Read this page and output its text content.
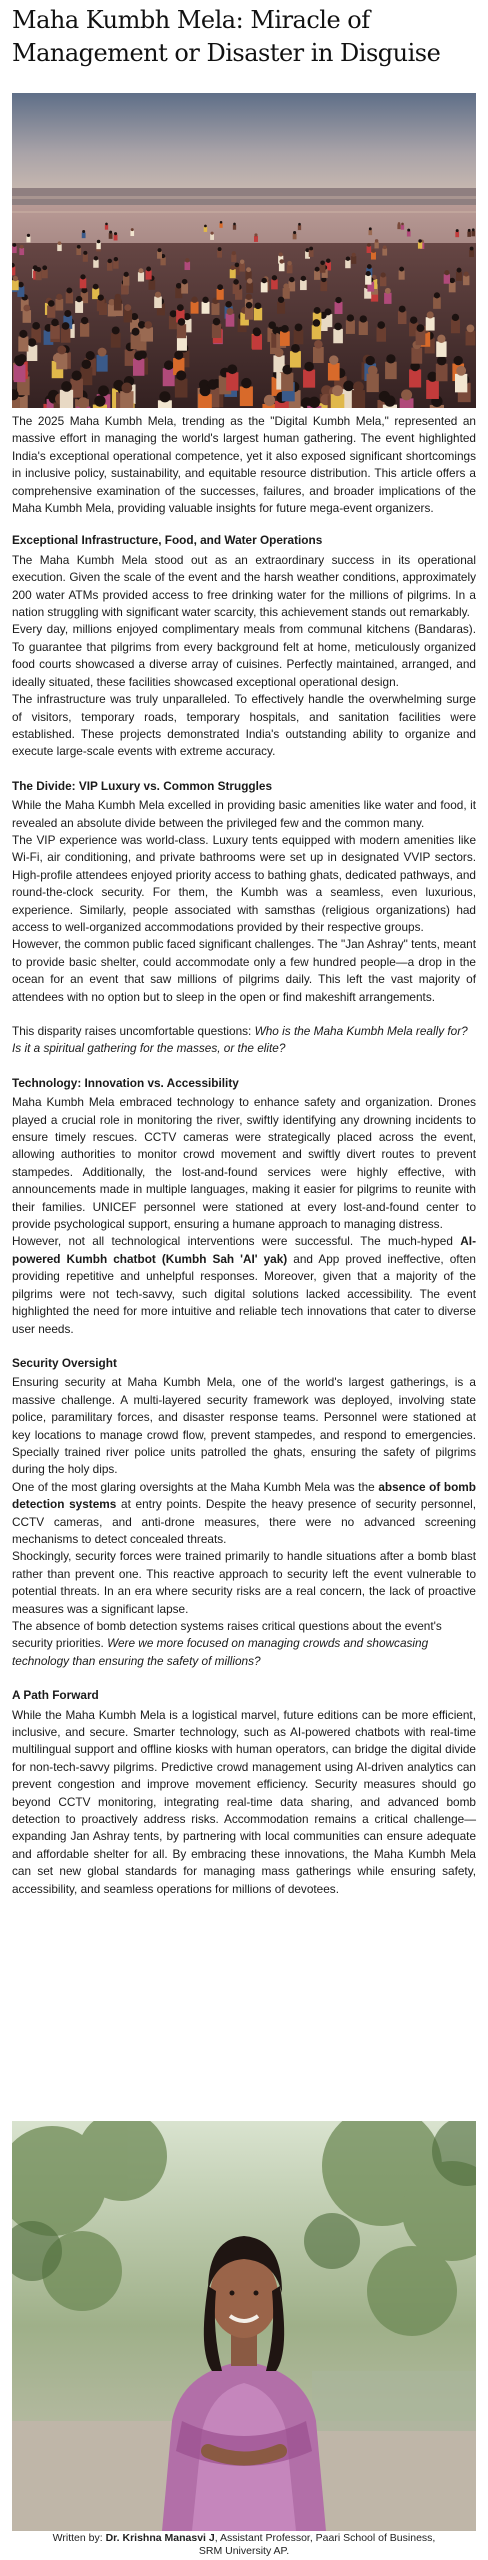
Maha Kumbh Mela: Miracle of Management or Disaster in Disguise

The 2025 Maha Kumbh Mela, trending as the "Digital Kumbh Mela," represented an massive effort in managing the world's largest human gathering. The event highlighted India's exceptional operational competence, yet it also exposed significant shortcomings in inclusive policy, sustainability, and equitable resource distribution. This article offers a comprehensive examination of the successes, failures, and broader implications of the Maha Kumbh Mela, providing valuable insights for future mega-event organizers.

Exceptional Infrastructure, Food, and Water Operations

The Maha Kumbh Mela stood out as an extraordinary success in its operational execution. Given the scale of the event and the harsh weather conditions, approximately 200 water ATMs provided access to free drinking water for the millions of pilgrims. In a nation struggling with significant water scarcity, this achievement stands out remarkably.

Every day, millions enjoyed complimentary meals from communal kitchens (Bandaras). To guarantee that pilgrims from every background felt at home, meticulously organized food courts showcased a diverse array of cuisines. Perfectly maintained, arranged, and ideally situated, these facilities showcased exceptional operational design.

The infrastructure was truly unparalleled. To effectively handle the overwhelming surge of visitors, temporary roads, temporary hospitals, and sanitation facilities were established. These projects demonstrated India's outstanding ability to organize and execute large-scale events with extreme accuracy.

The Divide: VIP Luxury vs. Common Struggles

While the Maha Kumbh Mela excelled in providing basic amenities like water and food, it revealed an absolute divide between the privileged few and the common many.

The VIP experience was world-class. Luxury tents equipped with modern amenities like Wi-Fi, air conditioning, and private bathrooms were set up in designated VVIP sectors. High-profile attendees enjoyed priority access to bathing ghats, dedicated pathways, and round-the-clock security. For them, the Kumbh was a seamless, even luxurious, experience. Similarly, people associated with samsthas (religious organizations) had access to well-organized accommodations provided by their respective groups.

However, the common public faced significant challenges. The "Jan Ashray" tents, meant to provide basic shelter, could accommodate only a few hundred people—a drop in the ocean for an event that saw millions of pilgrims daily. This left the vast majority of attendees with no option but to sleep in the open or find makeshift arrangements.

This disparity raises uncomfortable questions: Who is the Maha Kumbh Mela really for? Is it a spiritual gathering for the masses, or the elite?

Technology: Innovation vs. Accessibility

Maha Kumbh Mela embraced technology to enhance safety and organization. Drones played a crucial role in monitoring the river, swiftly identifying any drowning incidents to ensure timely rescues. CCTV cameras were strategically placed across the event, allowing authorities to monitor crowd movement and swiftly divert routes to prevent stampedes. Additionally, the lost-and-found services were highly effective, with announcements made in multiple languages, making it easier for pilgrims to reunite with their families. UNICEF personnel were stationed at every lost-and-found center to provide psychological support, ensuring a humane approach to managing distress.

However, not all technological interventions were successful. The much-hyped AI-powered Kumbh chatbot (Kumbh Sah 'AI' yak) and App proved ineffective, often providing repetitive and unhelpful responses. Moreover, given that a majority of the pilgrims were not tech-savvy, such digital solutions lacked accessibility. The event highlighted the need for more intuitive and reliable tech innovations that cater to diverse user needs.

Security Oversight

Ensuring security at Maha Kumbh Mela, one of the world's largest gatherings, is a massive challenge. A multi-layered security framework was deployed, involving state police, paramilitary forces, and disaster response teams. Personnel were stationed at key locations to manage crowd flow, prevent stampedes, and respond to emergencies. Specially trained river police units patrolled the ghats, ensuring the safety of pilgrims during the holy dips.

One of the most glaring oversights at the Maha Kumbh Mela was the absence of bomb detection systems at entry points. Despite the heavy presence of security personnel, CCTV cameras, and anti-drone measures, there were no advanced screening mechanisms to detect concealed threats.

Shockingly, security forces were trained primarily to handle situations after a bomb blast rather than prevent one. This reactive approach to security left the event vulnerable to potential threats. In an era where security risks are a real concern, the lack of proactive measures was a significant lapse.

The absence of bomb detection systems raises critical questions about the event's security priorities. Were we more focused on managing crowds and showcasing technology than ensuring the safety of millions?

A Path Forward

While the Maha Kumbh Mela is a logistical marvel, future editions can be more efficient, inclusive, and secure. Smarter technology, such as AI-powered chatbots with real-time multilingual support and offline kiosks with human operators, can bridge the digital divide for non-tech-savvy pilgrims. Predictive crowd management using AI-driven analytics can prevent congestion and improve movement efficiency. Security measures should go beyond CCTV monitoring, integrating real-time data sharing, and advanced bomb detection to proactively address risks. Accommodation remains a critical challenge—expanding Jan Ashray tents, by partnering with local communities can ensure adequate and affordable shelter for all. By embracing these innovations, the Maha Kumbh Mela can set new global standards for managing mass gatherings while ensuring safety, accessibility, and seamless operations for millions of devotees.

Written by: Dr. Krishna Manasvi J, Assistant Professor, Paari School of Business,
SRM University AP.
